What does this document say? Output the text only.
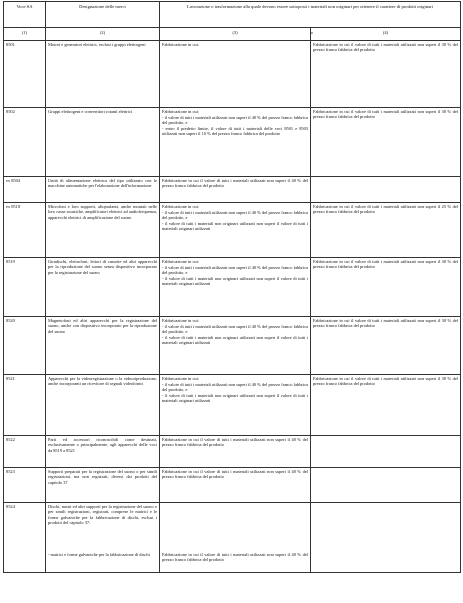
Voce SA	Designazione delle merci	Lavorazione o trasformazione alla quale devono essere sottoposti i materiali non originari per ottenere il carattere di prodotti originari	
(1)	(2)	(3) o	(4)
8501	Motori e generatori elettrici, esclusi i gruppi elettrogeni	Fabbricazione in cui:	Fabbricazione in cui il valore di tutti i materiali utilizzati non superi il 30 % del prezzo franco fabbrica del prodotto
8502	Gruppi elettrogeni e convertitori rotanti elettrici	Fabbricazione in cui:
- il valore di tutti i materiali utilizzati non superi il 40 % del prezzo franco fabbrica del prodotto, e
- entro il predetto limite, il valore di tutti i materiali delle voci 8501 e 8503 utilizzati non superi il 10 % del prezzo franco fabbrica del prodotto	Fabbricazione in cui il valore di tutti i materiali utilizzati non superi il 30 % del prezzo franco fabbrica del prodotto
ex 8504	Unità di alimentazione elettrica del tipo utilizzato con le macchine automatiche per l'elaborazione dell'informazione	Fabbricazione in cui il valore di tutti i materiali utilizzati non superi il 40 % del prezzo franco fabbrica del prodotto	

ex 8518	Microfoni e loro supporti, altoparlanti, anche montati nelle loro casse acustiche, amplificatori elettrici ad audiofrequenza, apparecchi elettrici di amplificazione del suono	Fabbricazione in cui:
- il valore di tutti i materiali utilizzati non superi il 40 % del prezzo franco fabbrica del prodotto, e
- il valore di tutti i materiali non originari utilizzati non superi il valore di tutti i materiali originari utilizzati	Fabbricazione in cui il valore di tutti i materiali utilizzati non superi il 25 % del prezzo franco fabbrica del prodotto
8519	Giradischi, elettrofoni, lettori di cassette ed altri apparecchi per la riproduzione del suono senza dispositivo incorporato per la registrazione del suono	Fabbricazione in cui:
- il valore di tutti i materiali utilizzati non superi il 40 % del prezzo franco fabbrica del prodotto, e
- il valore di tutti i materiali non originari utilizzati non superi il valore di tutti i materiali originari utilizzati	Fabbricazione in cui il valore di tutti i materiali utilizzati non superi il 30 % del prezzo franco fabbrica del prodotto
8520	Magnetofoni ed altri apparecchi per la registrazione del suono, anche con dispositivo incorporato per la riproduzione del suono	Fabbricazione in cui:
- il valore di tutti i materiali utilizzati non superi il 40 % del prezzo franco fabbrica del prodotto, e
- il valore di tutti i materiali non originari utilizzati non superi il valore di tutti i materiali originari utilizzati	Fabbricazione in cui il valore di tutti i materiali utilizzati non superi il 30 % del prezzo franco fabbrica del prodotto
8521	Apparecchi per la videoregistrazione o la videoriproduzione, anche incorporanti un ricevitore di segnali videofonici	Fabbricazione in cui:
- il valore di tutti i materiali utilizzati non superi il 40 % del prezzo franco fabbrica del prodotto, e
- il valore di tutti i materiali non originari utilizzati non superi il valore di tutti i materiali originari utilizzati	Fabbricazione in cui il valore di tutti i materiali utilizzati non superi il 30 % del prezzo franco fabbrica del prodotto
8522	Parti ed accessori riconoscibili come destinati, esclusivamente o principalmente, agli apparecchi delle voci da 8519 a 8521	Fabbricazione in cui il valore di tutti i materiali utilizzati non superi il 40 % del prezzo franco fabbrica del prodotto	

8523	Supporti preparati per la registrazione del suono o per simili registrazioni, ma non registrati, diversi dai prodotti del capitolo 37	Fabbricazione in cui il valore di tutti i materiali utilizzati non superi il 40 % del prezzo franco fabbrica del prodotto	

8524	Dischi, nastri ed altri supporti per la registrazione del suono o per simili registrazioni, registrati, comprese le matrici e le forme galvaniche per la fabbricazione di dischi, esclusi i prodotti del capitolo 37:		
	- matrici e forme galvaniche per la fabbricazione di dischi	Fabbricazione in cui il valore di tutti i materiali utilizzati non superi il 40 % del prezzo franco fabbrica del prodotto	
